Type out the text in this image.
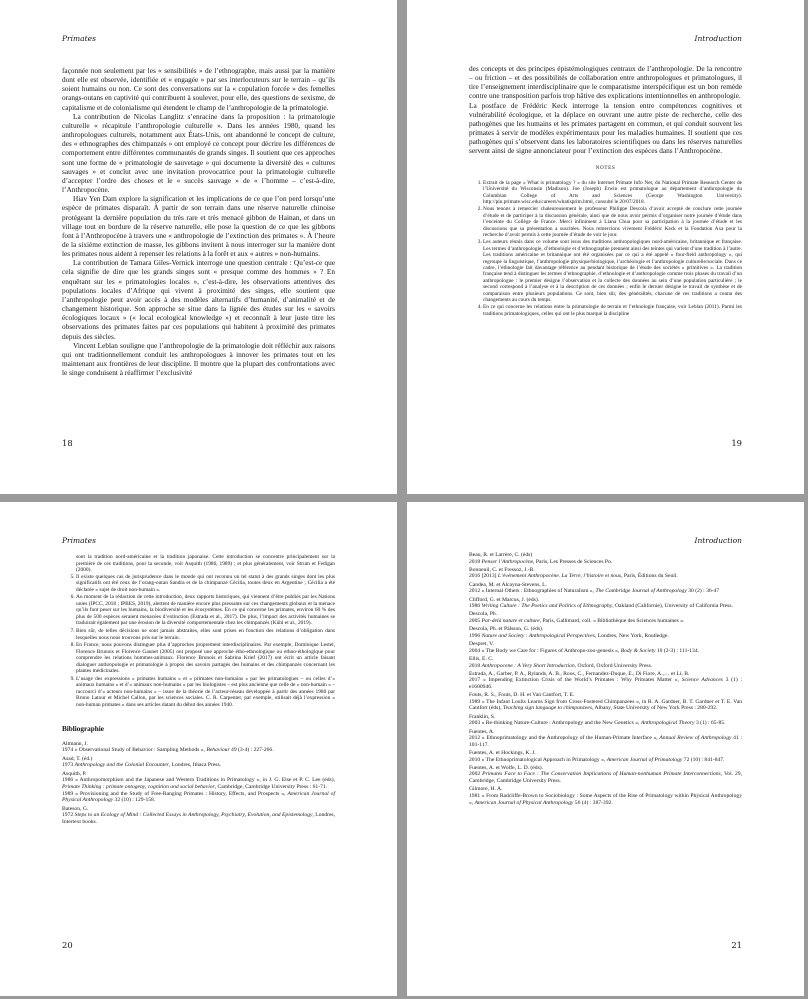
Primates

façonnée non seulement par les « sensibilités » de l’ethnographe, mais aussi par la manière dont elle est observée, identifiée et « engagée » par ses interlocuteurs sur le terrain – qu’ils soient humains ou non. Ce sont des conversations sur la « copulation forcée » des femelles orangs-outans en captivité qui contribuent à soulever, pour elle, des questions de sexisme, de capitalisme et de colonialisme qui étendent le champ de l’anthropologie de la primatologie.

La contribution de Nicolas Langlitz s’enracine dans la proposition : la primatologie culturelle « récapitule l’anthropologie culturelle ». Dans les années 1980, quand les anthropologues culturels, notamment aux États-Unis, ont abandonné le concept de culture, des « ethnographes des chimpanzés » ont employé ce concept pour décrire les différences de comportement entre différentes communautés de grands singes. Il soutient que ces approches sont une forme de « primatologie de sauvetage » qui documente la diversité des « cultures sauvages » et conclut avec une invitation provocatrice pour la primatologie culturelle d’accepter l’ordre des choses et le « succès sauvage » de « l’homme – c’est-à-dire, l’Anthropocène.

Hiav Yen Dam explore la signification et les implications de ce que l’on perd lorsqu’une espèce de primates disparaît. À partir de son terrain dans une réserve naturelle chinoise protégeant la dernière population du très rare et très menacé gibbon de Hainan, et dans un village tout en bordure de la réserve naturelle, elle pose la question de ce que les gibbons font à l’Anthropocène à travers une « anthropologie de l’extinction des primates ». À l’heure de la sixième extinction de masse, les gibbons invitent à nous interroger sur la manière dont les primates nous aident à repenser les relations à la forêt et aux « autres » non-humains.

La contribution de Tamara Giles-Vernick interroge une question centrale : Qu’est-ce que cela signifie de dire que les grands singes sont « presque comme des hommes » ? En enquêtant sur les « primatologies locales », c’est-à-dire, les observations attentives des populations locales d’Afrique qui vivent à proximité des singes, elle soutient que l’anthropologie peut avoir accès à des modèles alternatifs d’humanité, d’animalité et de changement historique. Son approche se situe dans la lignée des études sur les « savoirs écologiques locaux » (« local ecological knowledge ») et reconnaît à leur juste titre les observations des primates faites par ces populations qui habitent à proximité des primates depuis des siècles.

Vincent Leblan souligne que l’anthropologie de la primatologie doit réfléchir aux raisons qui ont traditionnellement conduit les anthropologues à innover les primates tout en les maintenant aux frontières de leur discipline. Il montre que la plupart des confrontations avec le singe conduisent à réaffirmer l’exclusivité

18
Introduction

des concepts et des principes épistémologiques centraux de l’anthropologie. De la rencontre – ou friction – et des possibilités de collaboration entre anthropologues et primatologues, il tire l’enseignement interdisciplinaire que le comparatisme interspécifique est un bon remède contre une transposition parfois trop hâtive des explications intentionnelles en anthropologie.

La postface de Frédéric Keck interroge la tension entre compétences cognitives et vulnérabilité écologique, et la déplace en ouvrant une autre piste de recherche, celle des pathogènes que les humains et les primates partagent en commun, et qui conduit souvent les primates à servir de modèles expérimentaux pour les maladies humaines. Il soutient que ces pathogènes qui s’observent dans les laboratoires scientifiques ou dans les réserves naturelles servent ainsi de signe annonciateur pour l’extinction des espèces dans l’Anthropocène.

NOTES
1. Extrait de la page « What is primatology ? » du site Internet Primate Info Net, du National Primate Research Center de l’Université du Wisconsin (Madison). Joe (Joseph) Erwin est primatologue au département d’anthropologie du Columbian College of Arts and Sciences (George Washington University). http://pin.primate.wisc.edu/careers/whatisprim.html, consulté le 20/07/2018.
2. Nous tenons à remercier chaleureusement le professeur Philippe Descola d’avoir accepté de conclure cette journée d’étude et de participer à la discussion générale, ainsi que de nous avoir permis d’organiser notre journée d’étude dans l’enceinte du Collège de France. Merci infiniment à Liana Chua pour sa participation à la journée d’étude et les discussions que sa présentation a suscitées. Nous remercions vivement Frédéric Keck et la Fondation Axa pour la recherche d’avoir permis à cette journée d’étude de voir le jour.
3. Les auteurs réunis dans ce volume sont issus des traditions anthropologiques nord-américaine, britannique et française. Les termes d’anthropologie, d’ethnologie et d’ethnographie prennent ainsi des teintes qui varient d’une tradition à l’autre. Les traditions américaine et britannique ont été organisées par ce qui a été appelé « four-field anthropology », qui regroupe la linguistique, l’anthropologie physique/biologique, l’archéologie et l’anthropologie culturelle/sociale. Dans ce cadre, l’ethnologie fait davantage référence au pendant historique de l’étude des sociétés « primitives ». La tradition française tend à distinguer les termes d’ethnographie, d’ethnologie et d’anthropologie comme trois phases du travail d’un anthropologue : le premier désigne l’observation et la collecte des données au sein d’une population particulière ; le second correspond à l’analyse et à la description de ces données ; enfin le dernier désigne le travail de synthèse et de comparaison entre plusieurs populations. Ce sont, bien sûr, des généralités, chacune de ces traditions a connu des changements au cours du temps.
4. En ce qui concerne les relations entre la primatologie de terrain et l’ethnologie française, voir Leblan (2011). Parmi les traditions primatologiques, celles qui ont le plus marqué la discipline
19
Primates
sont la tradition nord-américaine et la tradition japonaise. Cette introduction se concentre principalement sur la première de ces traditions, pour la seconde, voir Asquith (1986, 1989) ; et plus généralement, voir Strum et Fedigan (2000).
5. Il existe quelques cas de jurisprudence dans le monde qui ont reconnu un tel statut à des grands singes dont les plus significatifs ont été ceux de l’orang-outan Sandra et de la chimpanzé Cécilia, toutes deux en Argentine ; Cécilia a été déclarée « sujet de droit non-humain ».
6. Au moment de la rédaction de cette introduction, deux rapports historiques, qui viennent d’être publiés par les Nations unies (IPCC, 2018 ; IPBES, 2019), alertent de manière encore plus pressante sur ces changements globaux et la menace qu’ils font peser sur les humains, la biodiversité et les écosystèmes. En ce qui concerne les primates, environ 60 % des plus de 500 espèces seraient menacées d’extinction (Estrada et al., 2017). De plus, l’impact des activités humaines se traduirait également par une érosion de la diversité comportementale chez les chimpanzés (Kühl et al., 2019).
7. Bien sûr, de telles décisions ne sont jamais abstraites, elles sont prises en fonction des relations d’obligation dans lesquelles nous nous trouvons pris sur le terrain.
8. En France, nous pouvons distinguer plus d’approches proprement interdisciplinaires. Par exemple, Dominique Lestel, Florence Brunois et Florence Gaunet (2005) ont proposé une approche étho-ethnologique ou ethno-éthologique pour comprendre les relations hommes-animaux. Florence Brunois et Sabrina Krief (2017) ont écrit un article faisant dialoguer anthropologie et primatologie à propos des savoirs partagés des humains et des chimpanzés concernant les plantes médicinales.
9. L’usage des expressions « primates humains » et « primates non-humains » par les primatologues – ou celles d’« animaux humains » et d’« animaux non-humains » par les biologistes – est plus ancienne que celle de « non-humain » – raccourci d’« acteurs non-humains » – issue de la théorie de l’acteur-réseau développée à partir des années 1980 par Bruno Latour et Michel Callon, par les sciences sociales. C. R. Carpenter, par exemple, utilisait déjà l’expression « non-human primates » dans ses articles datant du début des années 1940.
Bibliographie
Altmann, J.
1974 « Observational Study of Behavior : Sampling Methods », Behaviour 49 (3-4) : 227-266.
Asad, T. (éd.)
1973 Anthropology and the Colonial Encounter, Londres, Ithaca Press.
Asquith, P.
1986 « Anthropomorphism and the Japanese and Western Traditions in Primatology », in J. G. Else et P. C. Lee (éds), Primate Thinking : primate ontogeny, cognition and social behavior, Cambridge, Cambridge University Press : 61-71.
1989 « Provisioning and the Study of Free-Ranging Primates : History, Effects, and Prospects », American Journal of Physical Anthropology 32 (10) : 129-158.
Bateson, G.
1972 Steps to an Ecology of Mind : Collected Essays in Anthropology, Psychiatry, Evolution, and Epistemology, Londres, Intertext books.
20
Introduction
Beau, R. et Larrère, C. (éds)
2018 Penser l’Anthropocène, Paris, Les Presses de Sciences Po.
Bonneuil, C. et Fressoz, J.-B.
2016 [2013] L’événement Anthropocène. La Terre, l’histoire et nous, Paris, Éditions du Seuil.
Candea, M. et Alcayna-Stevens, L.
2012 « Internal Others : Ethnographies of Naturalism », The Cambridge Journal of Anthropology 30 (2) : 36-47
Clifford, G. et Marcus, J. (éds).
1986 Writing Culture : The Poetics and Politics of Ethnography, Oakland (Californie), University of California Press.
Descola, Ph.
2005 Par-delà nature et culture, Paris, Gallimard, coll. « Bibliothèque des Sciences humaines ».
Descola, Ph. et Pálsson, G. (éds).
1996 Nature and Society : Anthropological Perspectives, Londres, New York, Routledge.
Despret, V.
2004 « The Body we Care for : Figures of Anthropo-zoo-genesis », Body & Society 10 (2-3) : 111-134.
Ellis, E. C.
2018 Anthropocene : A Very Short Introduction, Oxford, Oxford University Press.
Estrada, A., Garber, P. A., Rylands, A. B., Roos, C., Fernandez-Duque, E., Di Fiore, A.,… et Li, B.
2017 « Impending Extinction Crisis of the World’s Primates : Why Primates Matter », Science Advances 3 (1) : e1600946.
Fouts, R. S., Fouts, D. H. et Van Cantfort, T. E.
1989 « The Infant Loulis Learns Sign from Cross-Fostered Chimpanzees », in R. A. Gardner, B. T. Gardner et T. E. Van Cantfort (éds), Teaching sign language to chimpanzees, Albany, State University of New York Press : 280-292.
Franklin, S.
2003 « Re-thinking Nature-Culture : Anthropology and the New Genetics », Anthropological Theory 3 (1) : 65-85.
Fuentes, A.
2012 « Ethnoprimatology and the Anthropology of the Human-Primate Interface », Annual Review of Anthropology 41 : 101-117.
Fuentes, A. et Hockings, K. J.
2010 « The Ethnoprimatological Approach in Primatology », American Journal of Primatology 72 (10) : 841-847.
Fuentes, A. et Wolfe, L. D. (éds).
2002 Primates Face to Face : The Conservation Implications of Human-nonhuman Primate Interconnections, Vol. 29, Cambridge, Cambridge University Press.
Gilmore, H. A.
1981 « From Radcliffe-Brown to Sociobiology : Some Aspects of the Rise of Primatology within Physical Anthropology », American Journal of Physical Anthropology 56 (4) : 387-392.
21
